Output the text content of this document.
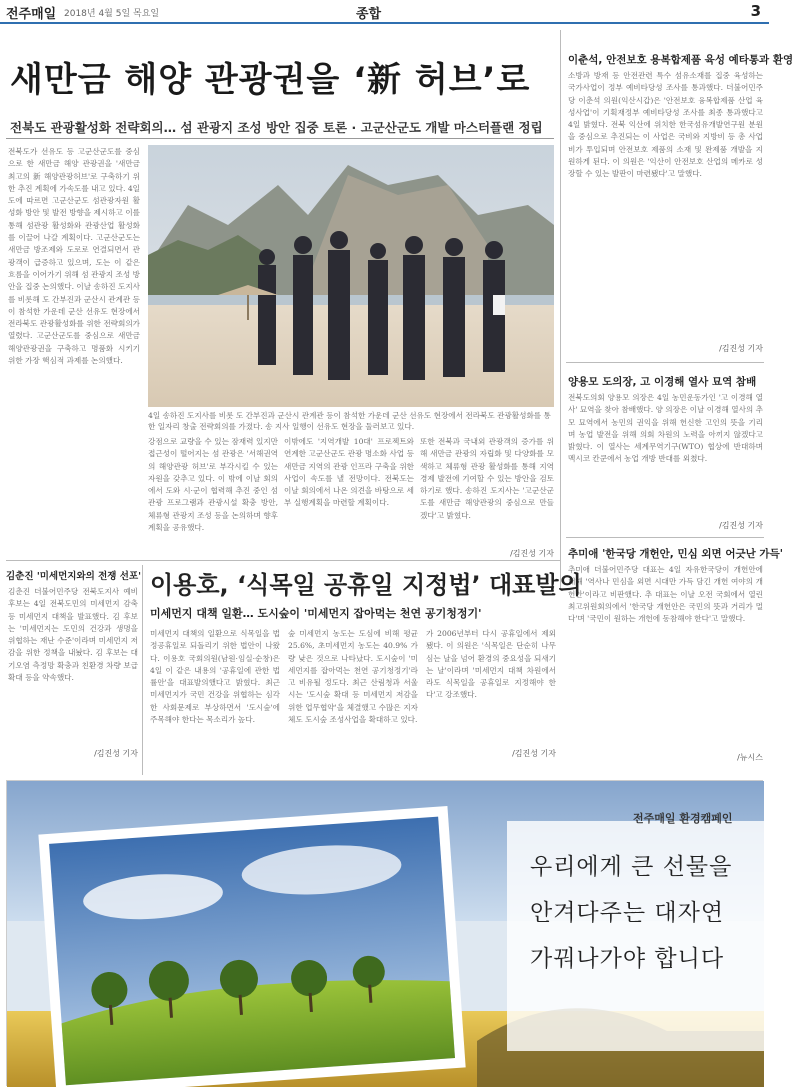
전주매일 2018년 4월 5일 목요일	종합	3
새만금 해양 관광권을 ‘新 허브’로
전북도 관광활성화 전략회의… 섬 관광지 조성 방안 집중 토론 · 고군산군도 개발 마스터플랜 정립
전북도가 선유도 등 고군산군도를 중심으로 한 새만금 해양 관광권을 '새만금 최고의 新 해양관광허브'로 구축하기 위한 추진 계획에 가속도를 내고 있다. 4일 도에 따르면 고군산군도 섬관광자원 활성화 방안 및 발전 방향을 제시하고 이를 통해 섬관광 활성화와 관광산업 활성화를 이끌어 나갈 계획이다. 고군산군도는 새만금 방조제와 도로로 연결되면서 관광객이 급증하고 있으며, 도는 이 같은 흐름을 이어가기 위해 섬 관광지 조성 방안을 집중 논의했다. 이날 송하진 도지사를 비롯해 도 간부진과 군산시 관계관 등이 참석한 가운데 군산 선유도 현장에서 전라북도 관광활성화를 위한 전략회의가 열렸다. 고군산군도를 중심으로 새만금 해양관광권을 구축하고 명품화 시키기 위한 가장 핵심적 과제를 논의했다.
4일 송하진 도지사를 비롯 도 간부진과 군산시 관계관 등이 참석한 가운데 군산 선유도 현장에서 전라북도 관광활성화를 통한 일자리 창출 전략회의를 가졌다. 송 지사 일행이 선유도 현장을 둘러보고 있다.
강점으로 교량을 수 있는 잠재력 있지만 접근성이 떨어지는 섬 관광은 '서해권역의 해양관광 허브'로 부각시킬 수 있는 자원을 갖추고 있다. 이 밖에 이날 회의에서 도와 시·군이 협력해 추진 중인 섬 관광 프로그램과 관광시설 확충 방안, 체류형 관광지 조성 등을 논의하며 향후 계획을 공유했다.
이밖에도 '지역개발 10대' 프로젝트와 연계한 고군산군도 관광 명소화 사업 등 새만금 지역의 관광 인프라 구축을 위한 사업이 속도를 낼 전망이다. 전북도는 이날 회의에서 나온 의견을 바탕으로 세부 실행계획을 마련할 계획이다.
또한 전북과 국내외 관광객의 증가를 위해 새만금 관광의 자립화 및 다양화를 모색하고 체류형 관광 활성화를 통해 지역경제 발전에 기여할 수 있는 방안을 검토하기로 했다. 송하진 도지사는 '고군산군도를 새만금 해양관광의 중심으로 만들겠다'고 밝혔다.
/김진성 기자
이춘석, 안전보호 용복합제품 육성 예타통과 환영
소방과 방재 등 안전관련 특수 섬유소재를 집중 육성하는 국가사업이 정부 예비타당성 조사를 통과했다. 더불어민주당 이춘석 의원(익산시갑)은 '안전보호 융복합제품 산업 육성사업'이 기획재정부 예비타당성 조사를 최종 통과했다고 4일 밝혔다. 전북 익산에 위치한 한국섬유개발연구원 분원을 중심으로 추진되는 이 사업은 국비와 지방비 등 총 사업비가 투입되며 안전보호 제품의 소재 및 완제품 개발을 지원하게 된다. 이 의원은 '익산이 안전보호 산업의 메카로 성장할 수 있는 발판이 마련됐다'고 말했다.
/김진성 기자
양용모 도의장, 고 이경해 열사 묘역 참배
전북도의회 양용모 의장은 4일 농민운동가인 '고 이경해 열사' 묘역을 찾아 참배했다. 양 의장은 이날 이경해 열사의 추모 묘역에서 농민의 권익을 위해 헌신한 고인의 뜻을 기리며 농업 발전을 위해 의회 차원의 노력을 아끼지 않겠다고 밝혔다. 이 열사는 세계무역기구(WTO) 협상에 반대하며 멕시코 칸쿤에서 농업 개방 반대를 외쳤다.
/김진성 기자
추미애 '한국당 개헌안, 민심 외면 어긋난 가득'
추미애 더불어민주당 대표는 4일 자유한국당이 개헌안에 대해 '역사나 민심을 외면 시대만 가득 담긴 개헌 여야의 개헌안'이라고 비판했다. 추 대표는 이날 오전 국회에서 열린 최고위원회의에서 '한국당 개헌안은 국민의 뜻과 거리가 멀다'며 '국민이 원하는 개헌에 동참해야 한다'고 말했다.
/뉴시스
김춘진 '미세먼지와의 전쟁 선포'
김춘진 더불어민주당 전북도지사 예비후보는 4일 전북도민의 미세먼지 감축 등 미세먼지 대책을 발표했다. 김 후보는 '미세먼지는 도민의 건강과 생명을 위협하는 재난 수준'이라며 미세먼지 저감을 위한 정책을 내놨다. 김 후보는 대기오염 측정망 확충과 친환경 차량 보급 확대 등을 약속했다.
/김진성 기자
이용호, ‘식목일 공휴일 지정법’ 대표발의
미세먼지 대책 일환… 도시숲이 '미세먼지 잡아먹는 천연 공기청정기'
미세먼지 대책의 일환으로 식목일을 법정공휴일로 되돌리기 위한 법안이 나왔다. 이용호 국회의원(남원·임실·순창)은 4일 이 같은 내용의 '공휴일에 관한 법률안'을 대표발의했다고 밝혔다. 최근 미세먼지가 국민 건강을 위협하는 심각한 사회문제로 부상하면서 '도시숲'에 주목해야 한다는 목소리가 높다.
숲 미세먼지 농도는 도심에 비해 평균 25.6%, 초미세먼지 농도는 40.9% 가량 낮은 것으로 나타났다. 도시숲이 '미세먼지를 잡아먹는 천연 공기청정기'라고 비유될 정도다. 최근 산림청과 서울시는 '도시숲 확대 등 미세먼지 저감을 위한 업무협약'을 체결했고 수많은 지자체도 도시숲 조성사업을 확대하고 있다.
가 2006년부터 다시 공휴일에서 제외됐다. 이 의원은 '식목일은 단순히 나무 심는 날을 넘어 환경의 중요성을 되새기는 날'이라며 '미세먼지 대책 차원에서라도 식목일을 공휴일로 지정해야 한다'고 강조했다.
/김진성 기자
전주매일 환경캠페인
우리에게 큰 선물을
안겨다주는 대자연
가꿔나가야 합니다
